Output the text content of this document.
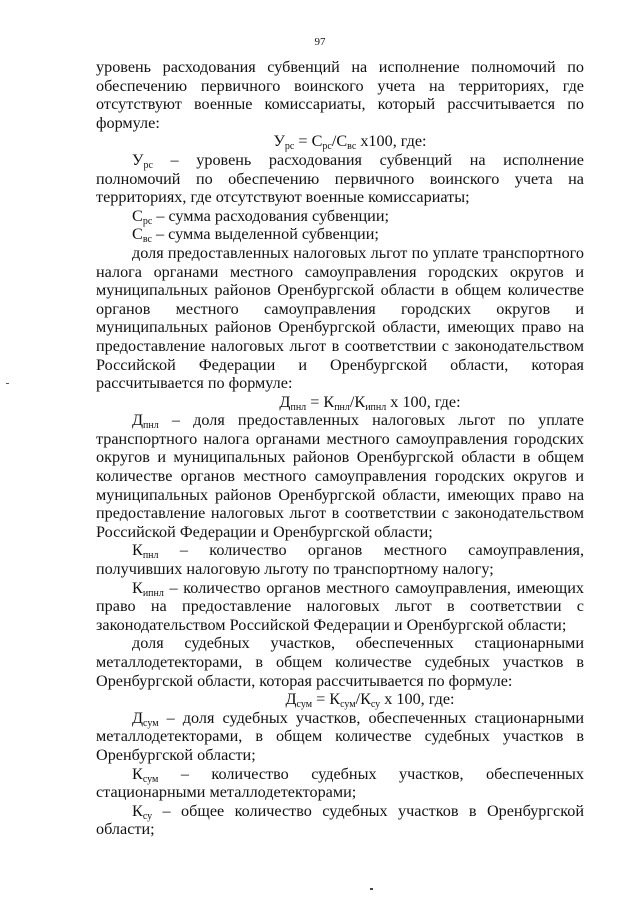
97

уровень расходования субвенций на исполнение полномочий по обеспечению первичного воинского учета на территориях, где отсутствуют военные комиссариаты, который рассчитывается по формуле:

$У_{рс} = С_{рс}/С_{вс}$ х100, где:

$У_{рс}$ – уровень расходования субвенций на исполнение полномочий по обеспечению первичного воинского учета на территориях, где отсутствуют военные комиссариаты;

$С_{рс}$ – сумма расходования субвенции;

$С_{вс}$ – сумма выделенной субвенции;

доля предоставленных налоговых льгот по уплате транспортного налога органами местного самоуправления городских округов и муниципальных районов Оренбургской области в общем количестве органов местного самоуправления городских округов и муниципальных районов Оренбургской области, имеющих право на предоставление налоговых льгот в соответствии с законодательством Российской Федерации и Оренбургской области, которая рассчитывается по формуле:

$Д_{пнл} = К_{пнл}/К_{ипнл}$ х 100, где:

$Д_{пнл}$ – доля предоставленных налоговых льгот по уплате транспортного налога органами местного самоуправления городских округов и муниципальных районов Оренбургской области в общем количестве органов местного самоуправления городских округов и муниципальных районов Оренбургской области, имеющих право на предоставление налоговых льгот в соответствии с законодательством Российской Федерации и Оренбургской области;

$К_{пнл}$ – количество органов местного самоуправления, получивших налоговую льготу по транспортному налогу;

$К_{ипнл}$ – количество органов местного самоуправления, имеющих право на предоставление налоговых льгот в соответствии с законодательством Российской Федерации и Оренбургской области;

доля судебных участков, обеспеченных стационарными металлодетекторами, в общем количестве судебных участков в Оренбургской области, которая рассчитывается по формуле:

$Д_{сум} = К_{сум}/К_{су}$ х 100, где:

$Д_{сум}$ – доля судебных участков, обеспеченных стационарными металлодетекторами, в общем количестве судебных участков в Оренбургской области;

$К_{сум}$ – количество судебных участков, обеспеченных стационарными металлодетекторами;

$К_{су}$ – общее количество судебных участков в Оренбургской области;
